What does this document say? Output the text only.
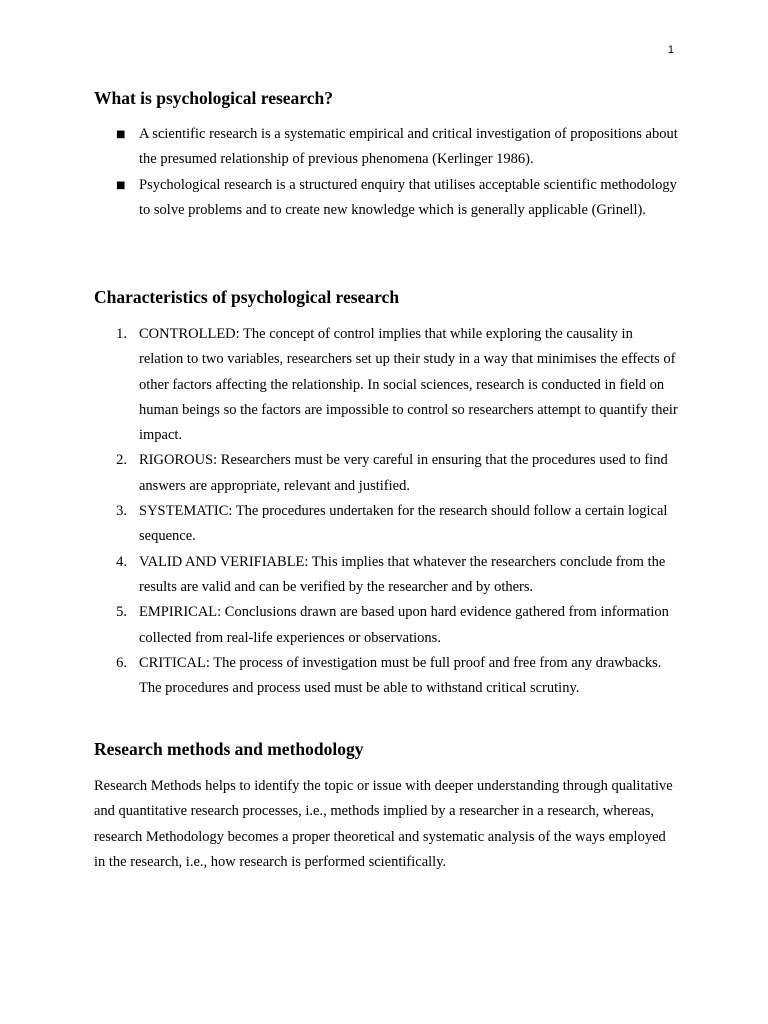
1
What is psychological research?
■ A scientific research is a systematic empirical and critical investigation of propositions about the presumed relationship of previous phenomena (Kerlinger 1986).
■ Psychological research is a structured enquiry that utilises acceptable scientific methodology to solve problems and to create new knowledge which is generally applicable (Grinell).
Characteristics of psychological research
1. CONTROLLED: The concept of control implies that while exploring the causality in relation to two variables, researchers set up their study in a way that minimises the effects of other factors affecting the relationship. In social sciences, research is conducted in field on human beings so the factors are impossible to control so researchers attempt to quantify their impact.
2. RIGOROUS: Researchers must be very careful in ensuring that the procedures used to find answers are appropriate, relevant and justified.
3. SYSTEMATIC: The procedures undertaken for the research should follow a certain logical sequence.
4. VALID AND VERIFIABLE: This implies that whatever the researchers conclude from the results are valid and can be verified by the researcher and by others.
5. EMPIRICAL: Conclusions drawn are based upon hard evidence gathered from information collected from real-life experiences or observations.
6. CRITICAL: The process of investigation must be full proof and free from any drawbacks. The procedures and process used must be able to withstand critical scrutiny.
Research methods and methodology

Research Methods helps to identify the topic or issue with deeper understanding through qualitative and quantitative research processes, i.e., methods implied by a researcher in a research, whereas, research Methodology becomes a proper theoretical and systematic analysis of the ways employed in the research, i.e., how research is performed scientifically.
